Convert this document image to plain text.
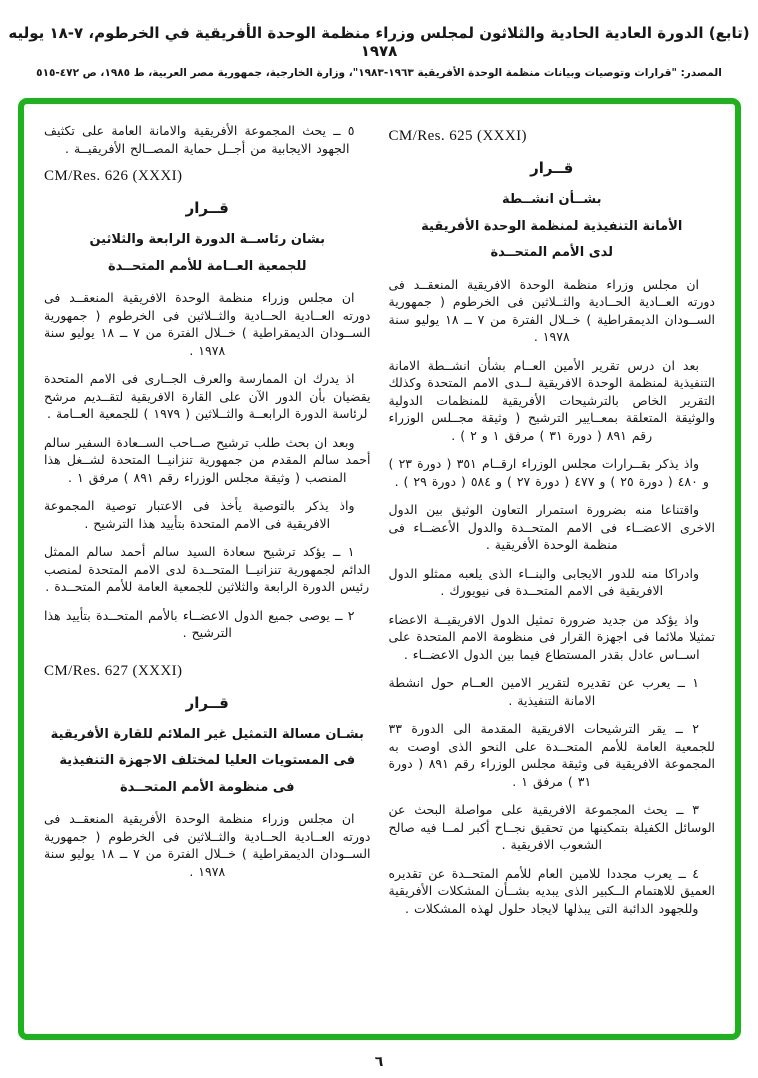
(تابع) الدورة العادية الحادية والثلاثون لمجلس وزراء منظمة الوحدة الأفريقية في الخرطوم، ٧-١٨ يوليه ١٩٧٨
المصدر: "قرارات وتوصيات وبيانات منظمة الوحدة الأفريقية ١٩٦٣-١٩٨٣"، وزارة الخارجية، جمهورية مصر العربية، ط ١٩٨٥، ص ٤٧٢-٥١٥
CM/Res. 625 (XXXI)
قــرار
بشــأن انشــطة
الأمانة التنفيذية لمنظمة الوحدة الأفريقية
لدى الأمم المتحــدة

ان مجلس وزراء منظمة الوحدة الافريقية المنعقــد فى دورته العــادية الحــادية والثــلاثين فى الخرطوم ( جمهورية الســودان الديمقراطية ) خــلال الفترة من ٧ ــ ١٨ يوليو سنة ١٩٧٨ .

بعد ان درس تقرير الأمين العــام بشأن انشــطة الامانة التنفيذية لمنظمة الوحدة الافريقية لــدى الامم المتحدة وكذلك التقرير الخاص بالترشيحات الأفريقية للمنظمات الدولية والوثيقة المتعلقة بمعــايير الترشيح ( وثيقة مجــلس الوزراء رقم ٨٩١ ( دورة ٣١ ) مرفق ١ و ٢ ) .

واذ يذكر بقــرارات مجلس الوزراء ارقــام ٣٥١ ( دورة ٢٣ ) و ٤٨٠ ( دورة ٢٥ ) و ٤٧٧ ( دورة ٢٧ ) و ٥٨٤ ( دورة ٢٩ ) .

واقتناعا منه بضرورة استمرار التعاون الوثيق بين الدول الاخرى الاعضــاء فى الامم المتحــدة والدول الأعضــاء فى منظمة الوحدة الأفريقية .

وادراكا منه للدور الايجابى والبنــاء الذى يلعبه ممثلو الدول الافريقية فى الامم المتحــدة فى نيويورك .

واذ يؤكد من جديد ضرورة تمثيل الدول الافريقيــة الاعضاء تمثيلا ملائما فى اجهزة القرار فى منظومة الامم المتحدة على اســاس عادل بقدر المستطاع فيما بين الدول الاعضــاء .

١ ــ يعرب عن تقديره لتقرير الامين العــام حول انشطة الامانة التنفيذية .

٢ ــ يقر الترشيحات الافريقية المقدمة الى الدورة ٣٣ للجمعية العامة للأمم المتحــدة على النحو الذى اوصت به المجموعة الافريقية فى وثيقة مجلس الوزراء رقم ٨٩١ ( دورة ٣١ ) مرفق ١ .

٣ ــ يحث المجموعة الافريقية على مواصلة البحث عن الوسائل الكفيلة بتمكينها من تحقيق نجــاح أكبر لمــا فيه صالح الشعوب الافريقية .

٤ ــ يعرب مجددا للامين العام للأمم المتحــدة عن تقديره العميق للاهتمام الــكبير الذى يبديه بشــأن المشكلات الأفريقية وللجهود الدائبة التى يبذلها لايجاد حلول لهذه المشكلات .

٥ ــ يحث المجموعة الأفريقية والامانة العامة على تكثيف الجهود الايجابية من أجــل حماية المصــالح الأفريقيــة .

CM/Res. 626 (XXXI)
قــرار
بشان رئاســة الدورة الرابعة والثلاثين
للجمعية العــامة للأمم المتحــدة

ان مجلس وزراء منظمة الوحدة الافريقية المنعقــد فى دورته العــادية الحــادية والثــلاثين فى الخرطوم ( جمهورية الســودان الديمقراطية ) خــلال الفترة من ٧ ــ ١٨ يوليو سنة ١٩٧٨ .

اذ يدرك ان الممارسة والعرف الجــارى فى الامم المتحدة يقضيان بأن الدور الآن على القارة الافريقية لتقــديم مرشح لرئاسة الدورة الرابعــة والثــلاثين ( ١٩٧٩ ) للجمعية العــامة .

وبعد ان بحث طلب ترشيح صــاحب الســعادة السفير سالم أحمد سالم المقدم من جمهورية تنزانيــا المتحدة لشــغل هذا المنصب ( وثيقة مجلس الوزراء رقم ٨٩١ ) مرفق ١ .

واذ يذكر بالتوصية يأخذ فى الاعتبار توصية المجموعة الافريقية فى الامم المتحدة بتأييد هذا الترشيح .

١ ــ يؤكد ترشيح سعادة السيد سالم أحمد سالم الممثل الدائم لجمهورية تنزانيــا المتحــدة لدى الامم المتحدة لمنصب رئيس الدورة الرابعة والثلاثين للجمعية العامة للأمم المتحــدة .

٢ ــ يوصى جميع الدول الاعضــاء بالأمم المتحــدة بتأييد هذا الترشيح .

CM/Res. 627 (XXXI)
قــرار
بشـان مسالة التمثيل غير الملائم للقارة الأفريقية
فى المستويات العليا لمختلف الاجهزة التنفيذية
فى منظومة الأمم المتحــدة

ان مجلس وزراء منظمة الوحدة الأفريقية المنعقــد فى دورته العــادية الحــادية والثــلاثين فى الخرطوم ( جمهورية الســودان الديمقراطية ) خــلال الفترة من ٧ ــ ١٨ يوليو سنة ١٩٧٨ .

٦
